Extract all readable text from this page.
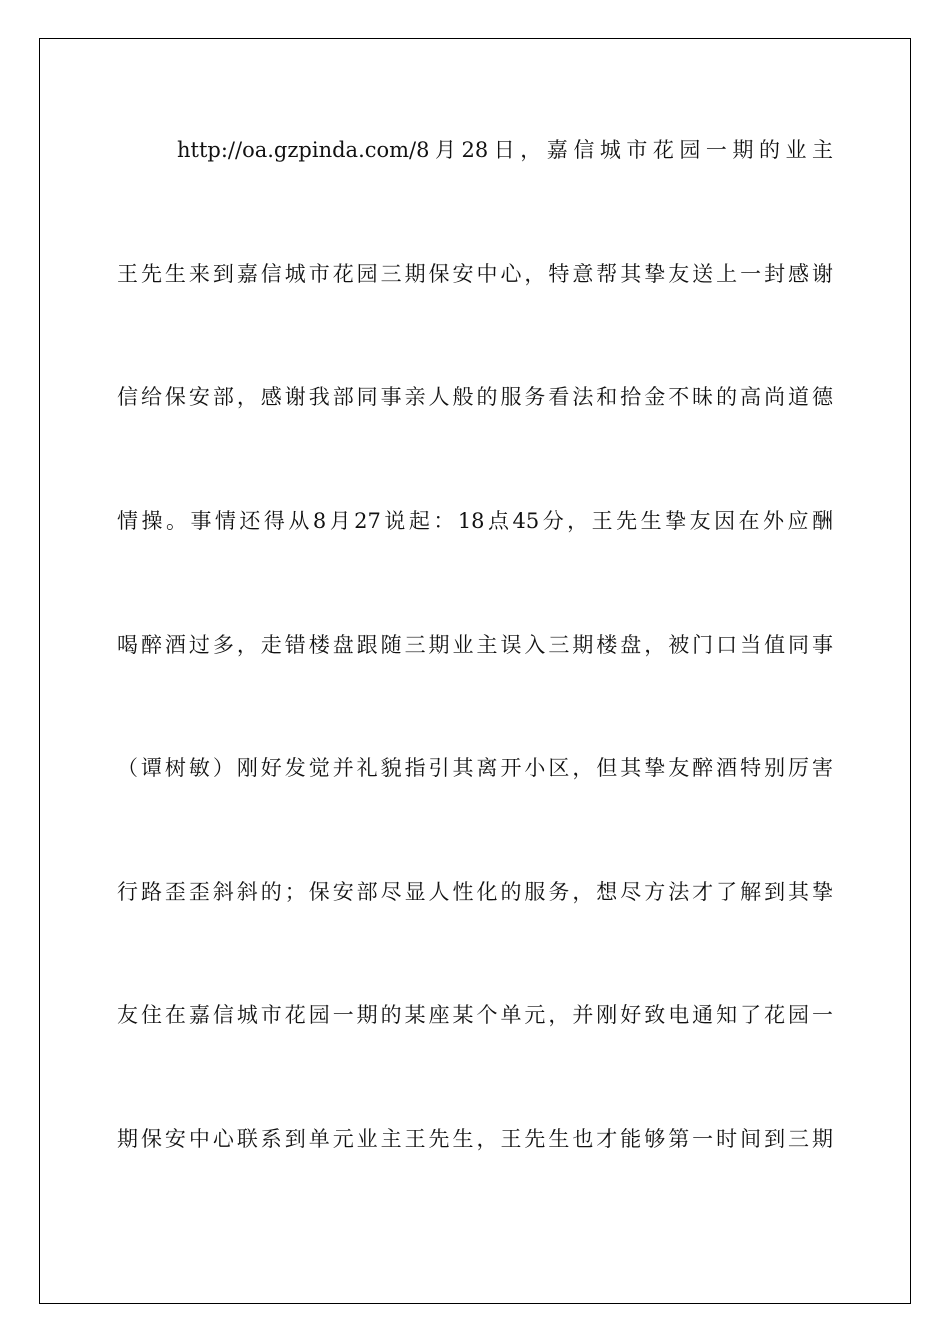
http://oa.gzpinda.com/8月28日，嘉信城市花园一期的业主
王先生来到嘉信城市花园三期保安中心，特意帮其挚友送上一封感谢
信给保安部，感谢我部同事亲人般的服务看法和拾金不昧的高尚道德
情操。事情还得从8月27说起：18点45分，王先生挚友因在外应酬
喝醉酒过多，走错楼盘跟随三期业主误入三期楼盘，被门口当值同事
（谭树敏）刚好发觉并礼貌指引其离开小区，但其挚友醉酒特别厉害
行路歪歪斜斜的；保安部尽显人性化的服务，想尽方法才了解到其挚
友住在嘉信城市花园一期的某座某个单元，并刚好致电通知了花园一
期保安中心联系到单元业主王先生，王先生也才能够第一时间到三期
